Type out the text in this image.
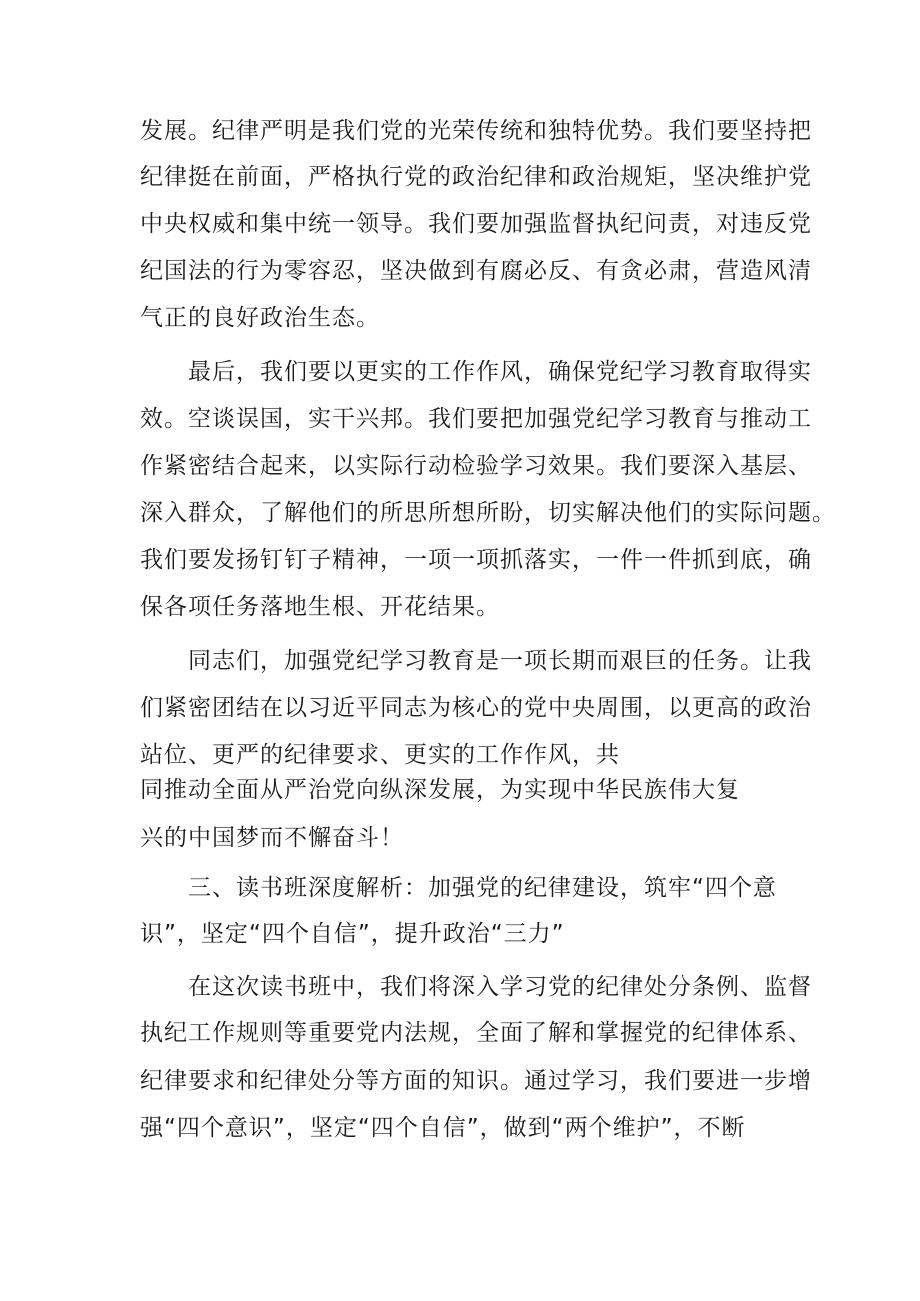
发展。纪律严明是我们党的光荣传统和独特优势。我们要坚持把
纪律挺在前面，严格执行党的政治纪律和政治规矩，坚决维护党
中央权威和集中统一领导。我们要加强监督执纪问责，对违反党
纪国法的行为零容忍，坚决做到有腐必反、有贪必肃，营造风清
气正的良好政治生态。
最后，我们要以更实的工作作风，确保党纪学习教育取得实
效。空谈误国，实干兴邦。我们要把加强党纪学习教育与推动工
作紧密结合起来，以实际行动检验学习效果。我们要深入基层、
深入群众，了解他们的所思所想所盼，切实解决他们的实际问题。
我们要发扬钉钉子精神，一项一项抓落实，一件一件抓到底，确
保各项任务落地生根、开花结果。
同志们，加强党纪学习教育是一项长期而艰巨的任务。让我
们紧密团结在以习近平同志为核心的党中央周围，以更高的政治
站位、更严的纪律要求、更实的工作作风，共
同推动全面从严治党向纵深发展，为实现中华民族伟大复
兴的中国梦而不懈奋斗！
三、读书班深度解析：加强党的纪律建设，筑牢“四个意
识”，坚定“四个自信”，提升政治“三力”
在这次读书班中，我们将深入学习党的纪律处分条例、监督
执纪工作规则等重要党内法规，全面了解和掌握党的纪律体系、
纪律要求和纪律处分等方面的知识。通过学习，我们要进一步增
强“四个意识”，坚定“四个自信”，做到“两个维护”，不断
